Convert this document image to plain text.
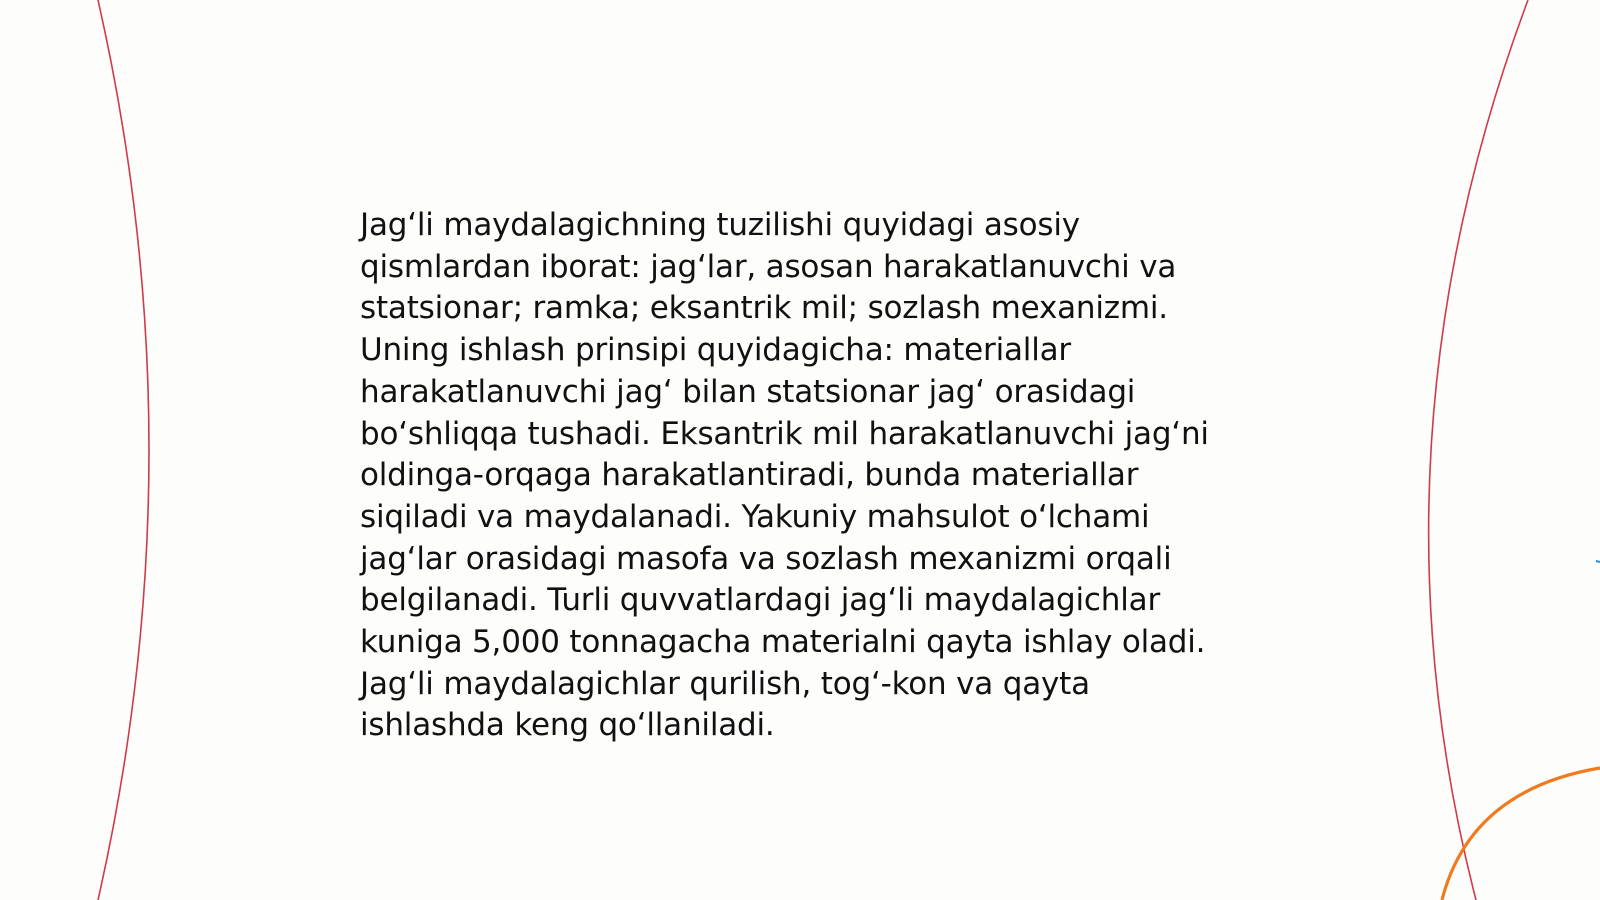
Jag‘li maydalagichning tuzilishi quyidagi asosiy qismlardan iborat: jag‘lar, asosan harakatlanuvchi va statsionar; ramka; eksantrik mil; sozlash mexanizmi. Uning ishlash prinsipi quyidagicha: materiallar harakatlanuvchi jag‘ bilan statsionar jag‘ orasidagi bo‘shliqqa tushadi. Eksantrik mil harakatlanuvchi jag‘ni oldinga-orqaga harakatlantiradi, bunda materiallar siqiladi va maydalanadi. Yakuniy mahsulot o‘lchami jag‘lar orasidagi masofa va sozlash mexanizmi orqali belgilanadi. Turli quvvatlardagi jag‘li maydalagichlar kuniga 5,000 tonnagacha materialni qayta ishlay oladi. Jag‘li maydalagichlar qurilish, tog‘-kon va qayta ishlashda keng qo‘llaniladi.
